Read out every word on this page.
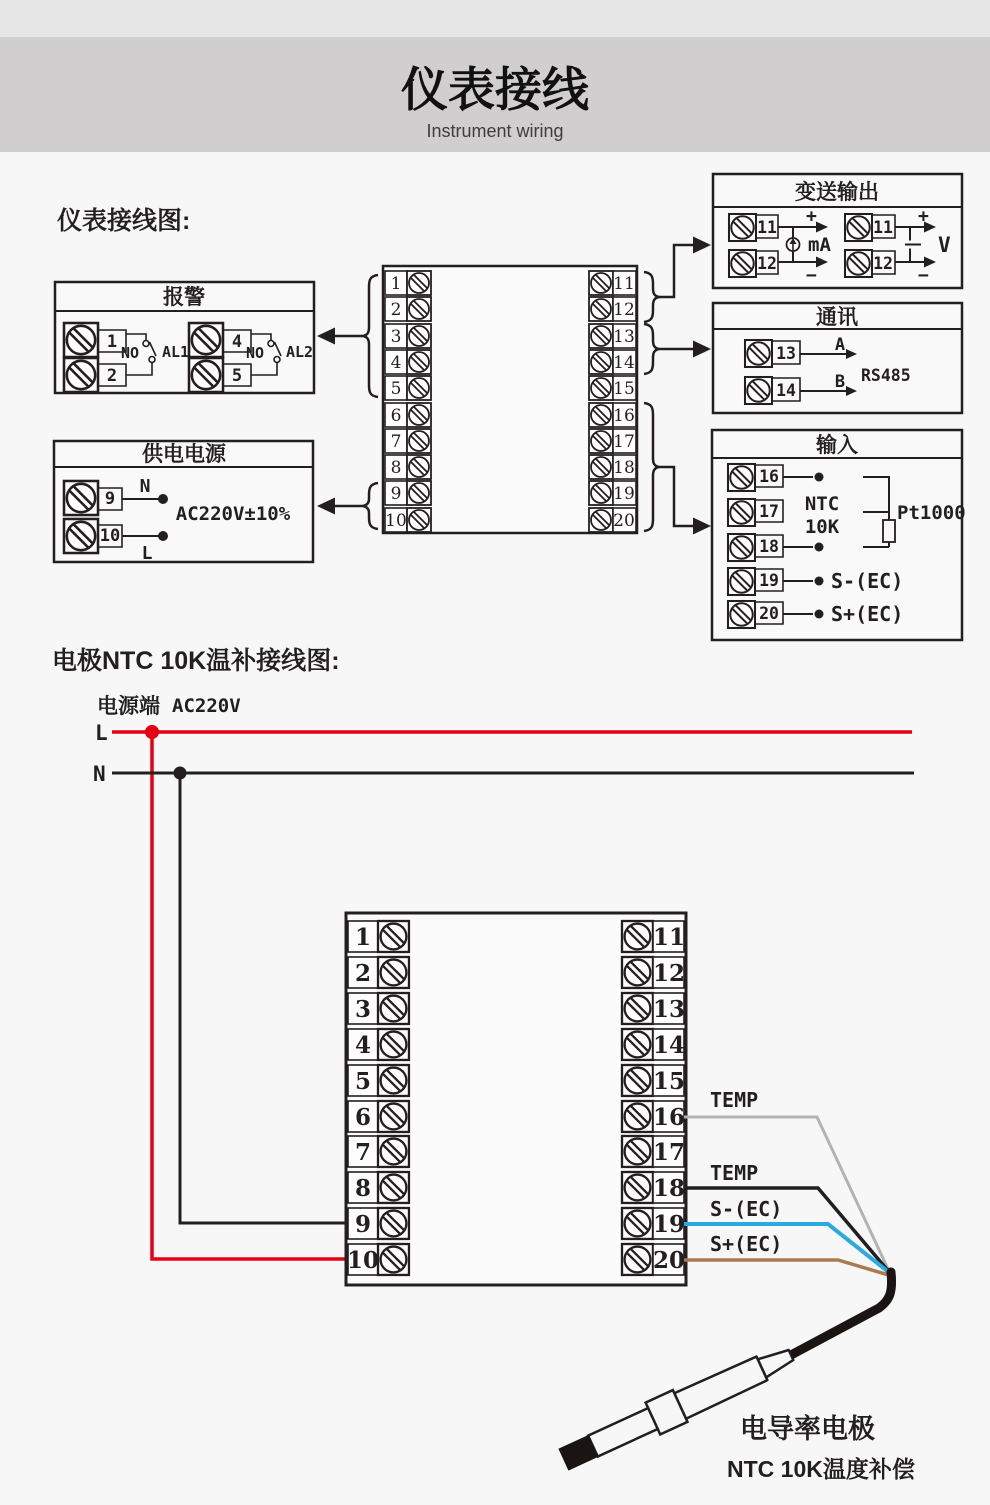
仪表接线
Instrument wiring
仪表接线图:
电极NTC 10K温补接线图:
变送输出
11
12
+
−
mA
11
12
+
−
V
报警
1
2
NO AL1	4
5
NO AL2
通讯
13 A
14 B RS485
供电电源
9
N
10
L
AC220V±10%
输入
16
17
18
19
20
NTC
10K
Pt1000
S-(EC)
S+(EC)
1
2
3
4
5
6
7
8
9
10
11
12
13
14
15
16
17
18
19
20
电源端 AC220V
L
N
1
2
3
4
5
6
7
8
9
10
11
12
13
14
15
16
17
18
19
20
TEMP
TEMP
S-(EC)
S+(EC)
电导率电极
NTC 10K温度补偿
